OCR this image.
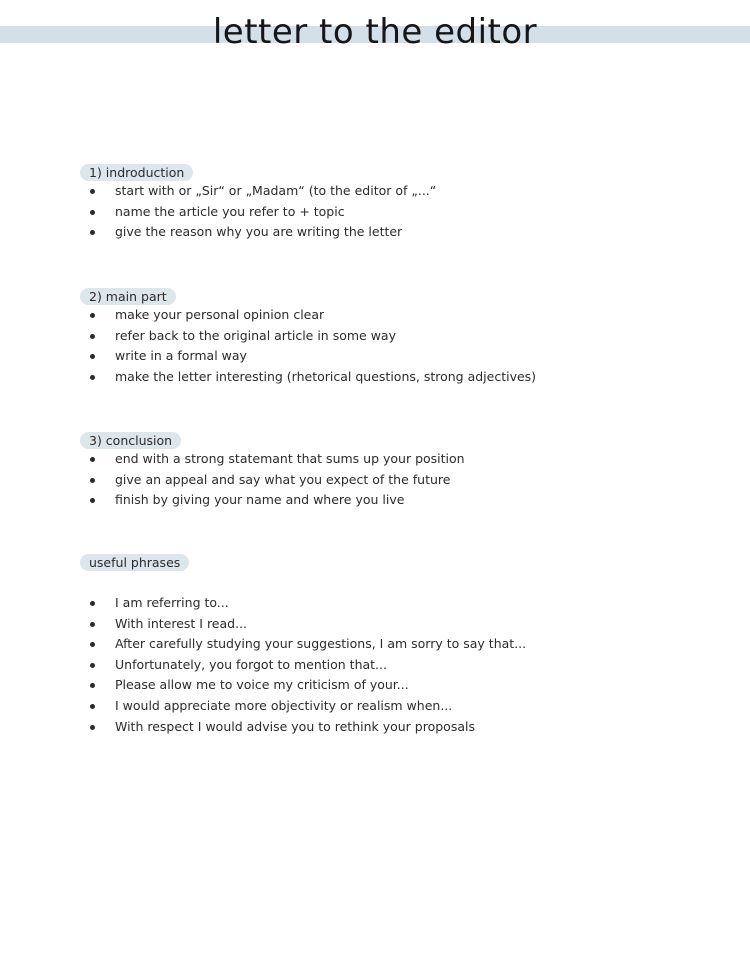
letter to the editor
1) indroduction
start with or „Sir“ or „Madam“ (to the editor of „...“
name the article you refer to + topic
give the reason why you are writing the letter
2) main part
make your personal opinion clear
refer back to the original article in some way
write in a formal way
make the letter interesting (rhetorical questions, strong adjectives)
3) conclusion
end with a strong statemant that sums up your position
give an appeal and say what you expect of the future
finish by giving your name and where you live
useful phrases
I am referring to...
With interest I read...
After carefully studying your suggestions, I am sorry to say that...
Unfortunately, you forgot to mention that...
Please allow me to voice my criticism of your...
I would appreciate more objectivity or realism when...
With respect I would advise you to rethink your proposals
